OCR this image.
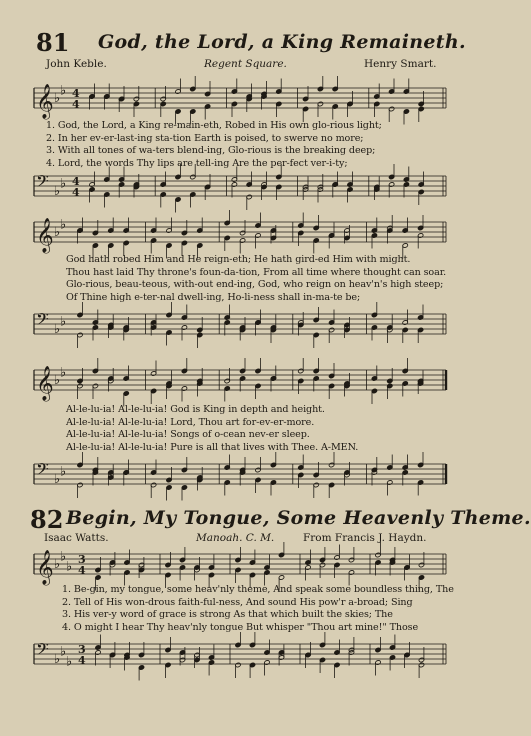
81 God, the Lord, a King Remaineth.
John Keble.	Regent Square.	Henry Smart.
𝄞 ♭ ♭ 4
4
1. God, the Lord, a King re-main-eth, Robed in His own glo-rious light;
2. In her ev-er-last-ing sta-tion Earth is poised, to swerve no more;
3. With all tones of wa-ters blend-ing, Glo-rious is the breaking deep;
4. Lord, the words Thy lips are tell-ing Are the per-fect ver-i-ty;
𝄢 ♭ ♭ 4
4
𝄞 ♭ ♭
God hath robed Him and He reign-eth; He hath gird-ed Him with might.
Thou hast laid Thy throne's foun-da-tion, From all time where thought can soar.
Glo-rious, beau-teous, with-out end-ing, God, who reign on heav'n's high steep;
Of Thine high e-ter-nal dwell-ing, Ho-li-ness shall in-ma-te be;
𝄢 ♭ ♭
𝄞 ♭ ♭
Al-le-lu-ia! Al-le-lu-ia! God is King in depth and height.
Al-le-lu-ia! Al-le-lu-ia! Lord, Thou art for-ev-er-more.
Al-le-lu-ia! Al-le-lu-ia! Songs of o-cean nev-er sleep.
Al-le-lu-ia! Al-le-lu-ia! Pure is all that lives with Thee. A-MEN.
𝄢 ♭ ♭
82 Begin, My Tongue, Some Heavenly Theme.
Isaac Watts.	Manoah. C. M.	From Francis J. Haydn.
𝄞 ♭ ♭
♭ 3
4
1. Be-gin, my tongue, some heav'nly theme, And speak some boundless thing, The
2. Tell of His won-drous faith-ful-ness, And sound His pow'r a-broad; Sing
3. His ver-y word of grace is strong As that which built the skies; The
4. O might I hear Thy heav'nly tongue But whisper "Thou art mine!" Those
𝄢 ♭ ♭
♭
3
4
